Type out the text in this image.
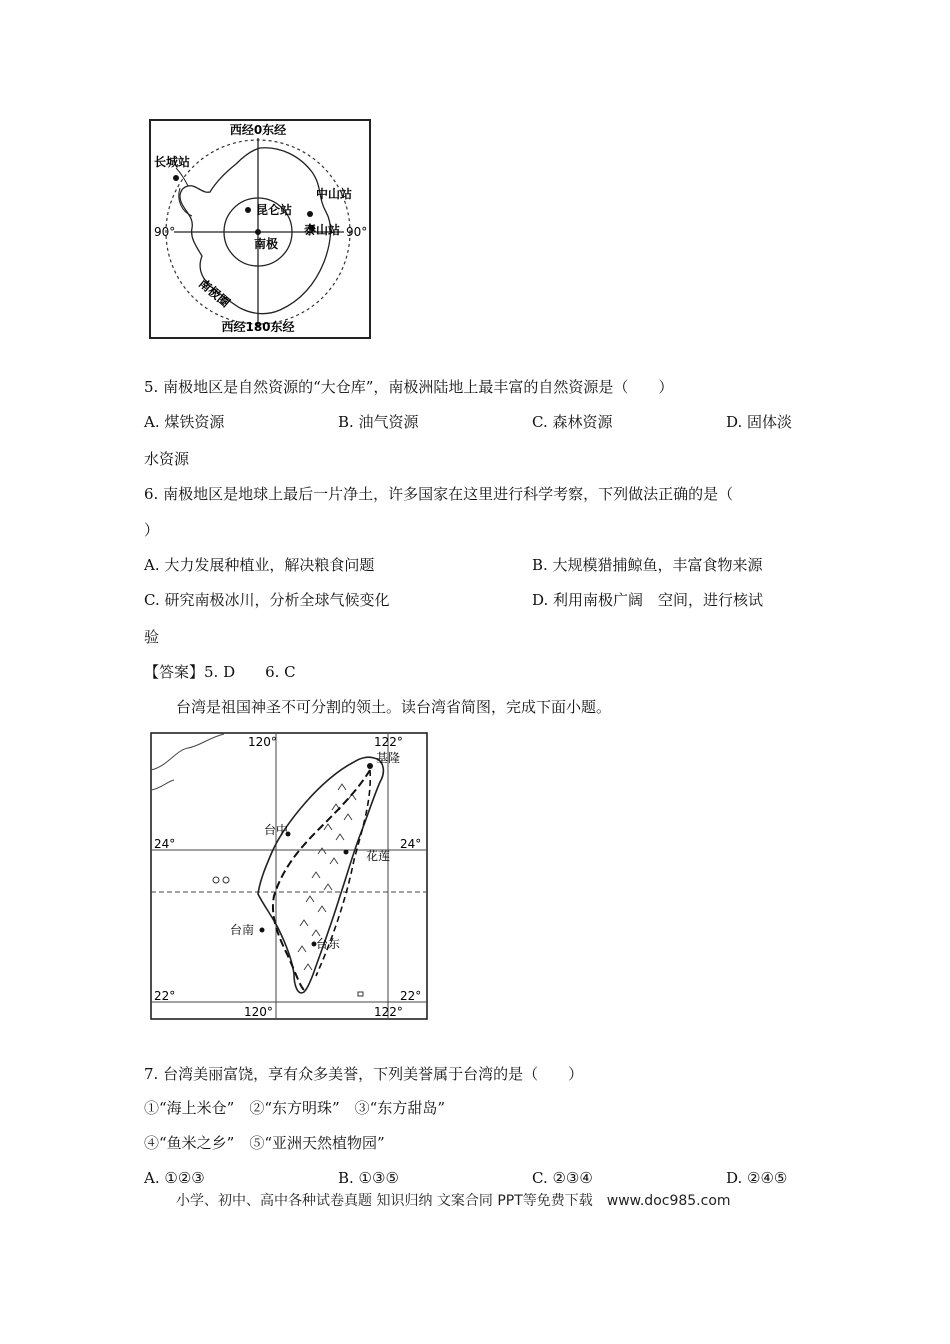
西经0东经
西经180东经
90°	90°
长城站
中山站
昆仑站
泰山站
南极
南极圈
5. 南极地区是自然资源的“大仓库”，南极洲陆地上最丰富的自然资源是（　　）
A. 煤铁资源	B. 油气资源	C. 森林资源	D. 固体淡
水资源
6. 南极地区是地球上最后一片净土，许多国家在这里进行科学考察，下列做法正确的是（
）
A. 大力发展种植业，解决粮食问题	B. 大规模猎捕鲸鱼，丰富食物来源
C. 研究南极冰川，分析全球气候变化	D. 利用南极广阔　空间，进行核试
验
【答案】5. D　　6. C
台湾是祖国神圣不可分割的领土。读台湾省简图，完成下面小题。
120°	122°
120°	122°
24°	24°
22°	22°
基隆
台中
花莲
台南
台东
7. 台湾美丽富饶，享有众多美誉，下列美誉属于台湾的是（　　）
①“海上米仓”　②“东方明珠”　③“东方甜岛”
④“鱼米之乡”　⑤“亚洲天然植物园”
A. ①②③	B. ①③⑤	C. ②③④	D. ②④⑤
小学、初中、高中各种试卷真题 知识归纳 文案合同 PPT等免费下载　www.doc985.com
